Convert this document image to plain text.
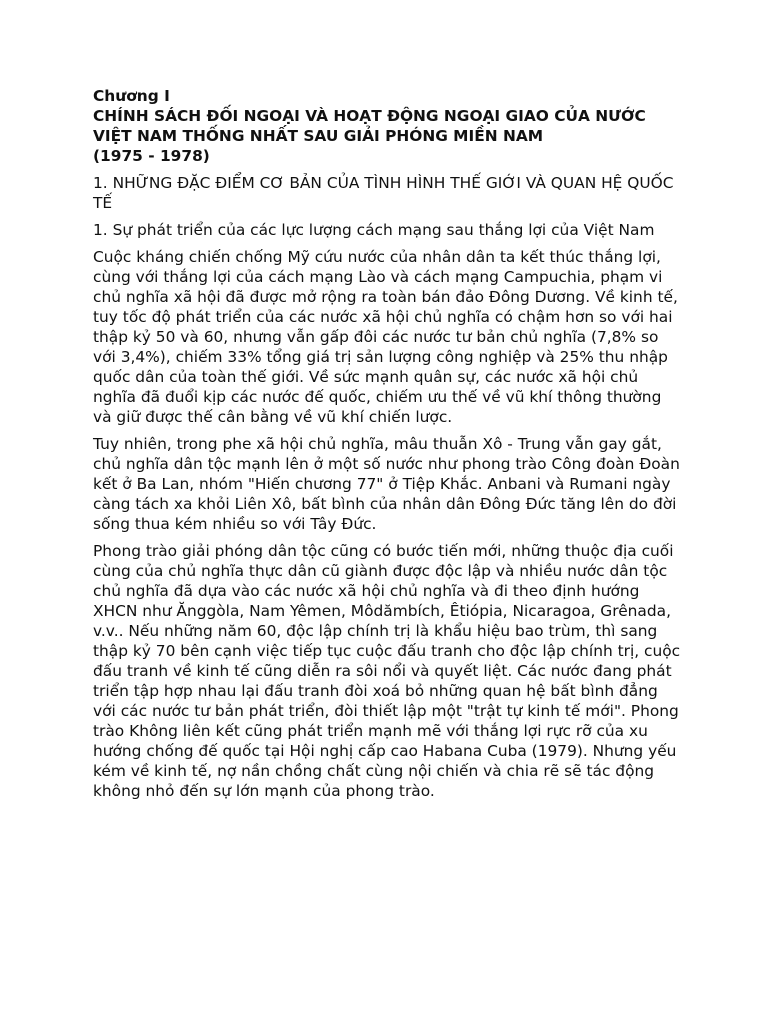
Chương I
CHÍNH SÁCH ĐỐI NGOẠI VÀ HOẠT ĐỘNG NGOẠI GIAO CỦA NƯỚC VIỆT NAM THỐNG NHẤT SAU GIẢI PHÓNG MIỀN NAM
(1975 - 1978)
1. NHỮNG ĐẶC ĐIỂM CƠ BẢN CỦA TÌNH HÌNH THẾ GIỚI VÀ QUAN HỆ QUỐC TẾ
1. Sự phát triển của các lực lượng cách mạng sau thắng lợi của Việt Nam
Cuộc kháng chiến chống Mỹ cứu nước của nhân dân ta kết thúc thắng lợi, cùng với thắng lợi của cách mạng Lào và cách mạng Campuchia, phạm vi chủ nghĩa xã hội đã được mở rộng ra toàn bán đảo Đông Dương. Về kinh tế, tuy tốc độ phát triển của các nước xã hội chủ nghĩa có chậm hơn so với hai thập kỷ 50 và 60, nhưng vẫn gấp đôi các nước tư bản chủ nghĩa (7,8% so với 3,4%), chiếm 33% tổng giá trị sản lượng công nghiệp và 25% thu nhập quốc dân của toàn thế giới. Về sức mạnh quân sự, các nước xã hội chủ nghĩa đã đuổi kịp các nước đế quốc, chiếm ưu thế về vũ khí thông thường và giữ được thế cân bằng về vũ khí chiến lược.
Tuy nhiên, trong phe xã hội chủ nghĩa, mâu thuẫn Xô - Trung vẫn gay gắt, chủ nghĩa dân tộc mạnh lên ở một số nước như phong trào Công đoàn Đoàn kết ở Ba Lan, nhóm "Hiến chương 77" ở Tiệp Khắc. Anbani và Rumani ngày càng tách xa khỏi Liên Xô, bất bình của nhân dân Đông Đức tăng lên do đời sống thua kém nhiều so với Tây Đức.
Phong trào giải phóng dân tộc cũng có bước tiến mới, những thuộc địa cuối cùng của chủ nghĩa thực dân cũ giành được độc lập và nhiều nước dân tộc chủ nghĩa đã dựa vào các nước xã hội chủ nghĩa và đi theo định hướng XHCN như Ănggòla, Nam Yêmen, Môdămbích, Êtiópia, Nicaragoa, Grênada, v.v.. Nếu những năm 60, độc lập chính trị là khẩu hiệu bao trùm, thì sang thập kỷ 70 bên cạnh việc tiếp tục cuộc đấu tranh cho độc lập chính trị, cuộc đấu tranh về kinh tế cũng diễn ra sôi nổi và quyết liệt. Các nước đang phát triển tập hợp nhau lại đấu tranh đòi xoá bỏ những quan hệ bất bình đẳng với các nước tư bản phát triển, đòi thiết lập một "trật tự kinh tế mới". Phong trào Không liên kết cũng phát triển mạnh mẽ với thắng lợi rực rỡ của xu hướng chống đế quốc tại Hội nghị cấp cao Habana Cuba (1979). Nhưng yếu kém về kinh tế, nợ nần chồng chất cùng nội chiến và chia rẽ sẽ tác động không nhỏ đến sự lớn mạnh của phong trào.
